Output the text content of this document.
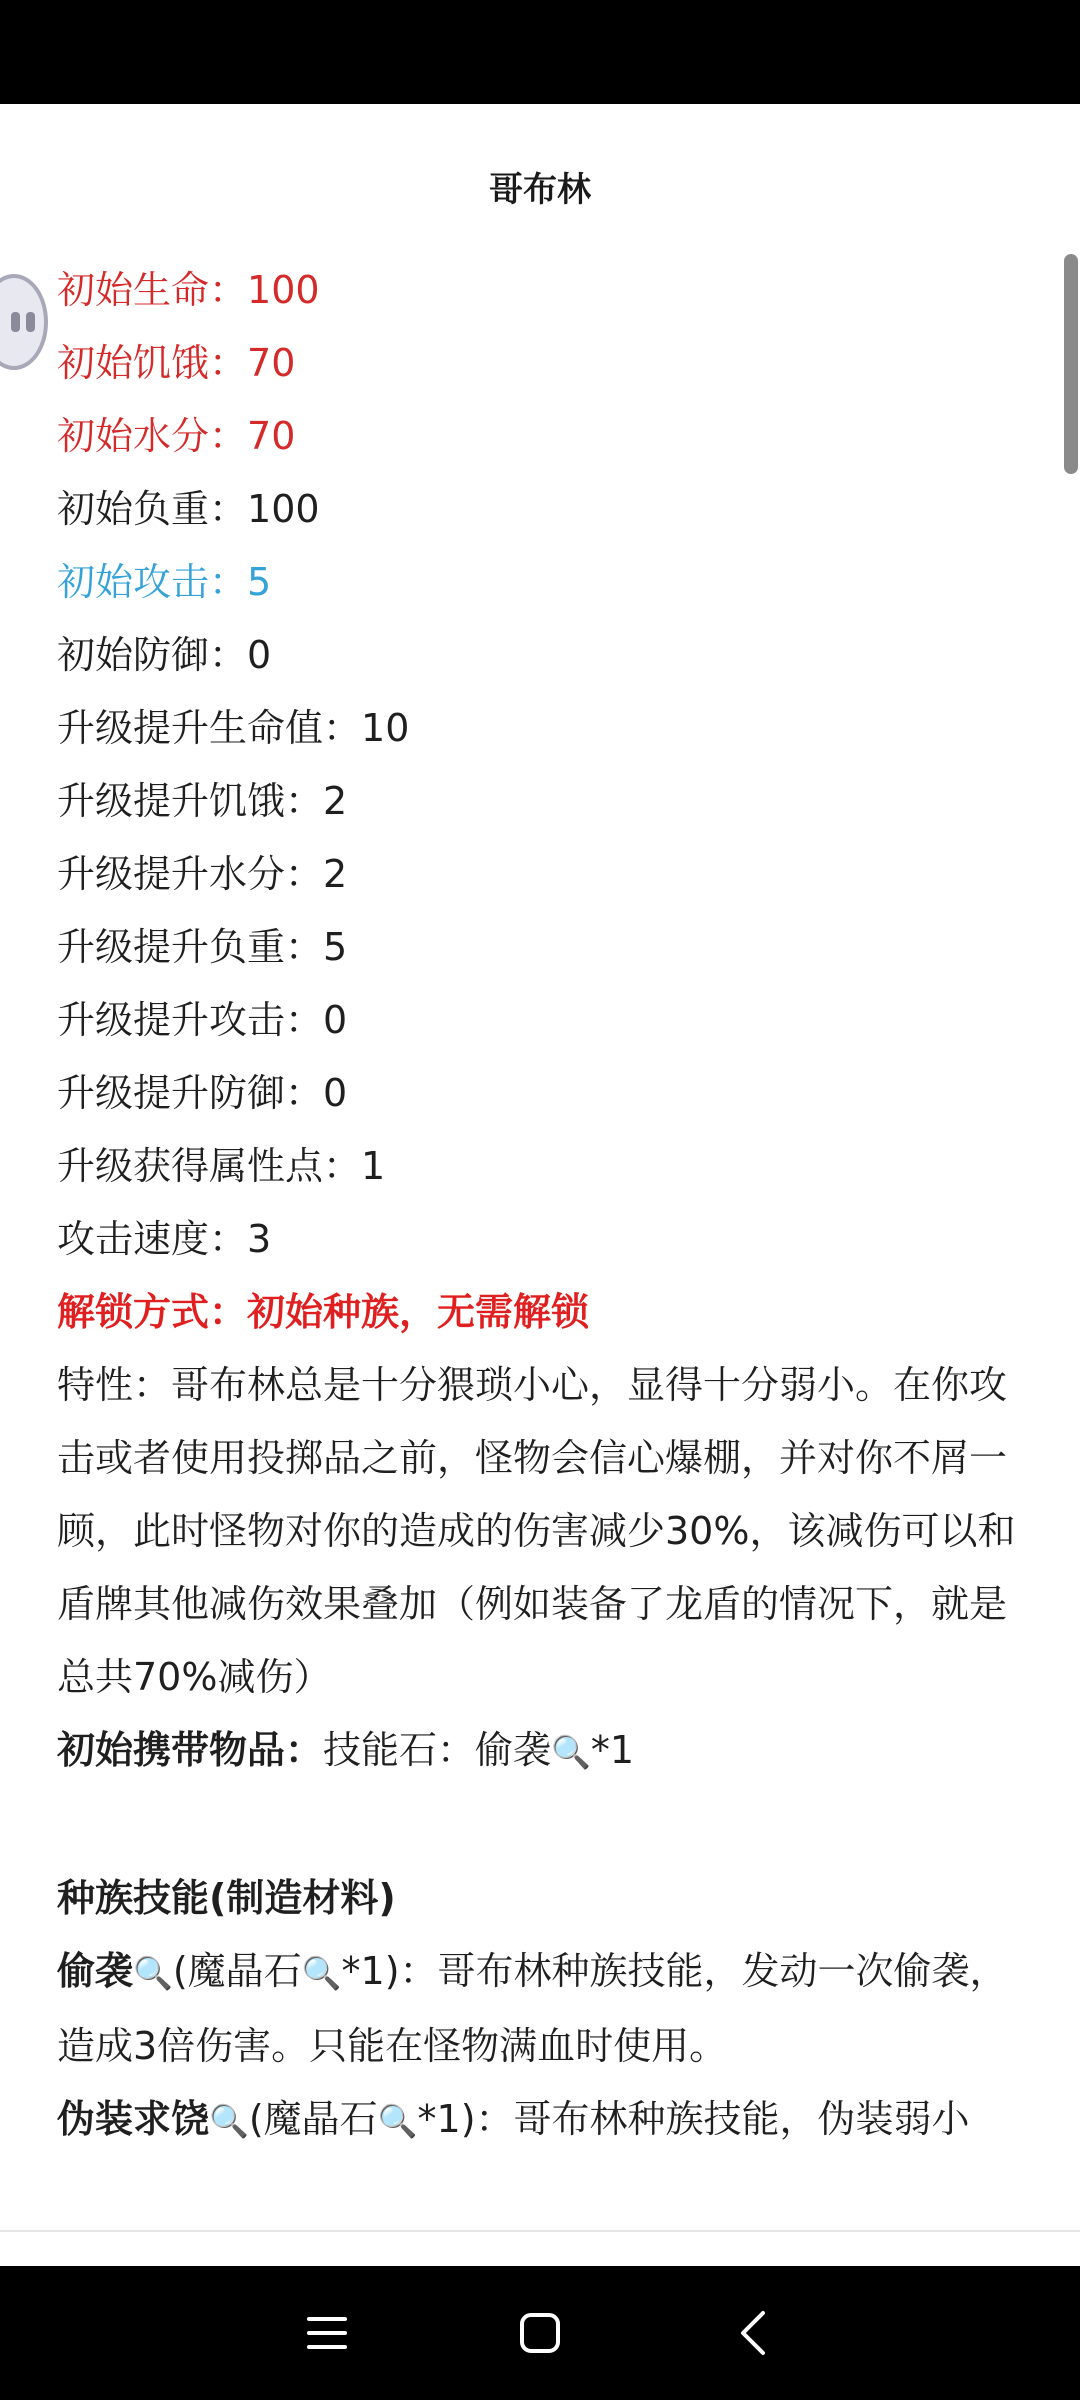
哥布林
初始生命：100
初始饥饿：70
初始水分：70
初始负重：100
初始攻击：5
初始防御：0
升级提升生命值：10
升级提升饥饿：2
升级提升水分：2
升级提升负重：5
升级提升攻击：0
升级提升防御：0
升级获得属性点：1
攻击速度：3
解锁方式：初始种族，无需解锁
特性：哥布林总是十分猥琐小心，显得十分弱小。在你攻击或者使用投掷品之前，怪物会信心爆棚，并对你不屑一顾，此时怪物对你的造成的伤害减少30%，该减伤可以和盾牌其他减伤效果叠加（例如装备了龙盾的情况下，就是总共70%减伤）
初始携带物品：技能石：偷袭🔍*1
种族技能(制造材料)
偷袭🔍(魔晶石🔍*1)：哥布林种族技能，发动一次偷袭，造成3倍伤害。只能在怪物满血时使用。
伪装求饶🔍(魔晶石🔍*1)：哥布林种族技能，伪装弱小
